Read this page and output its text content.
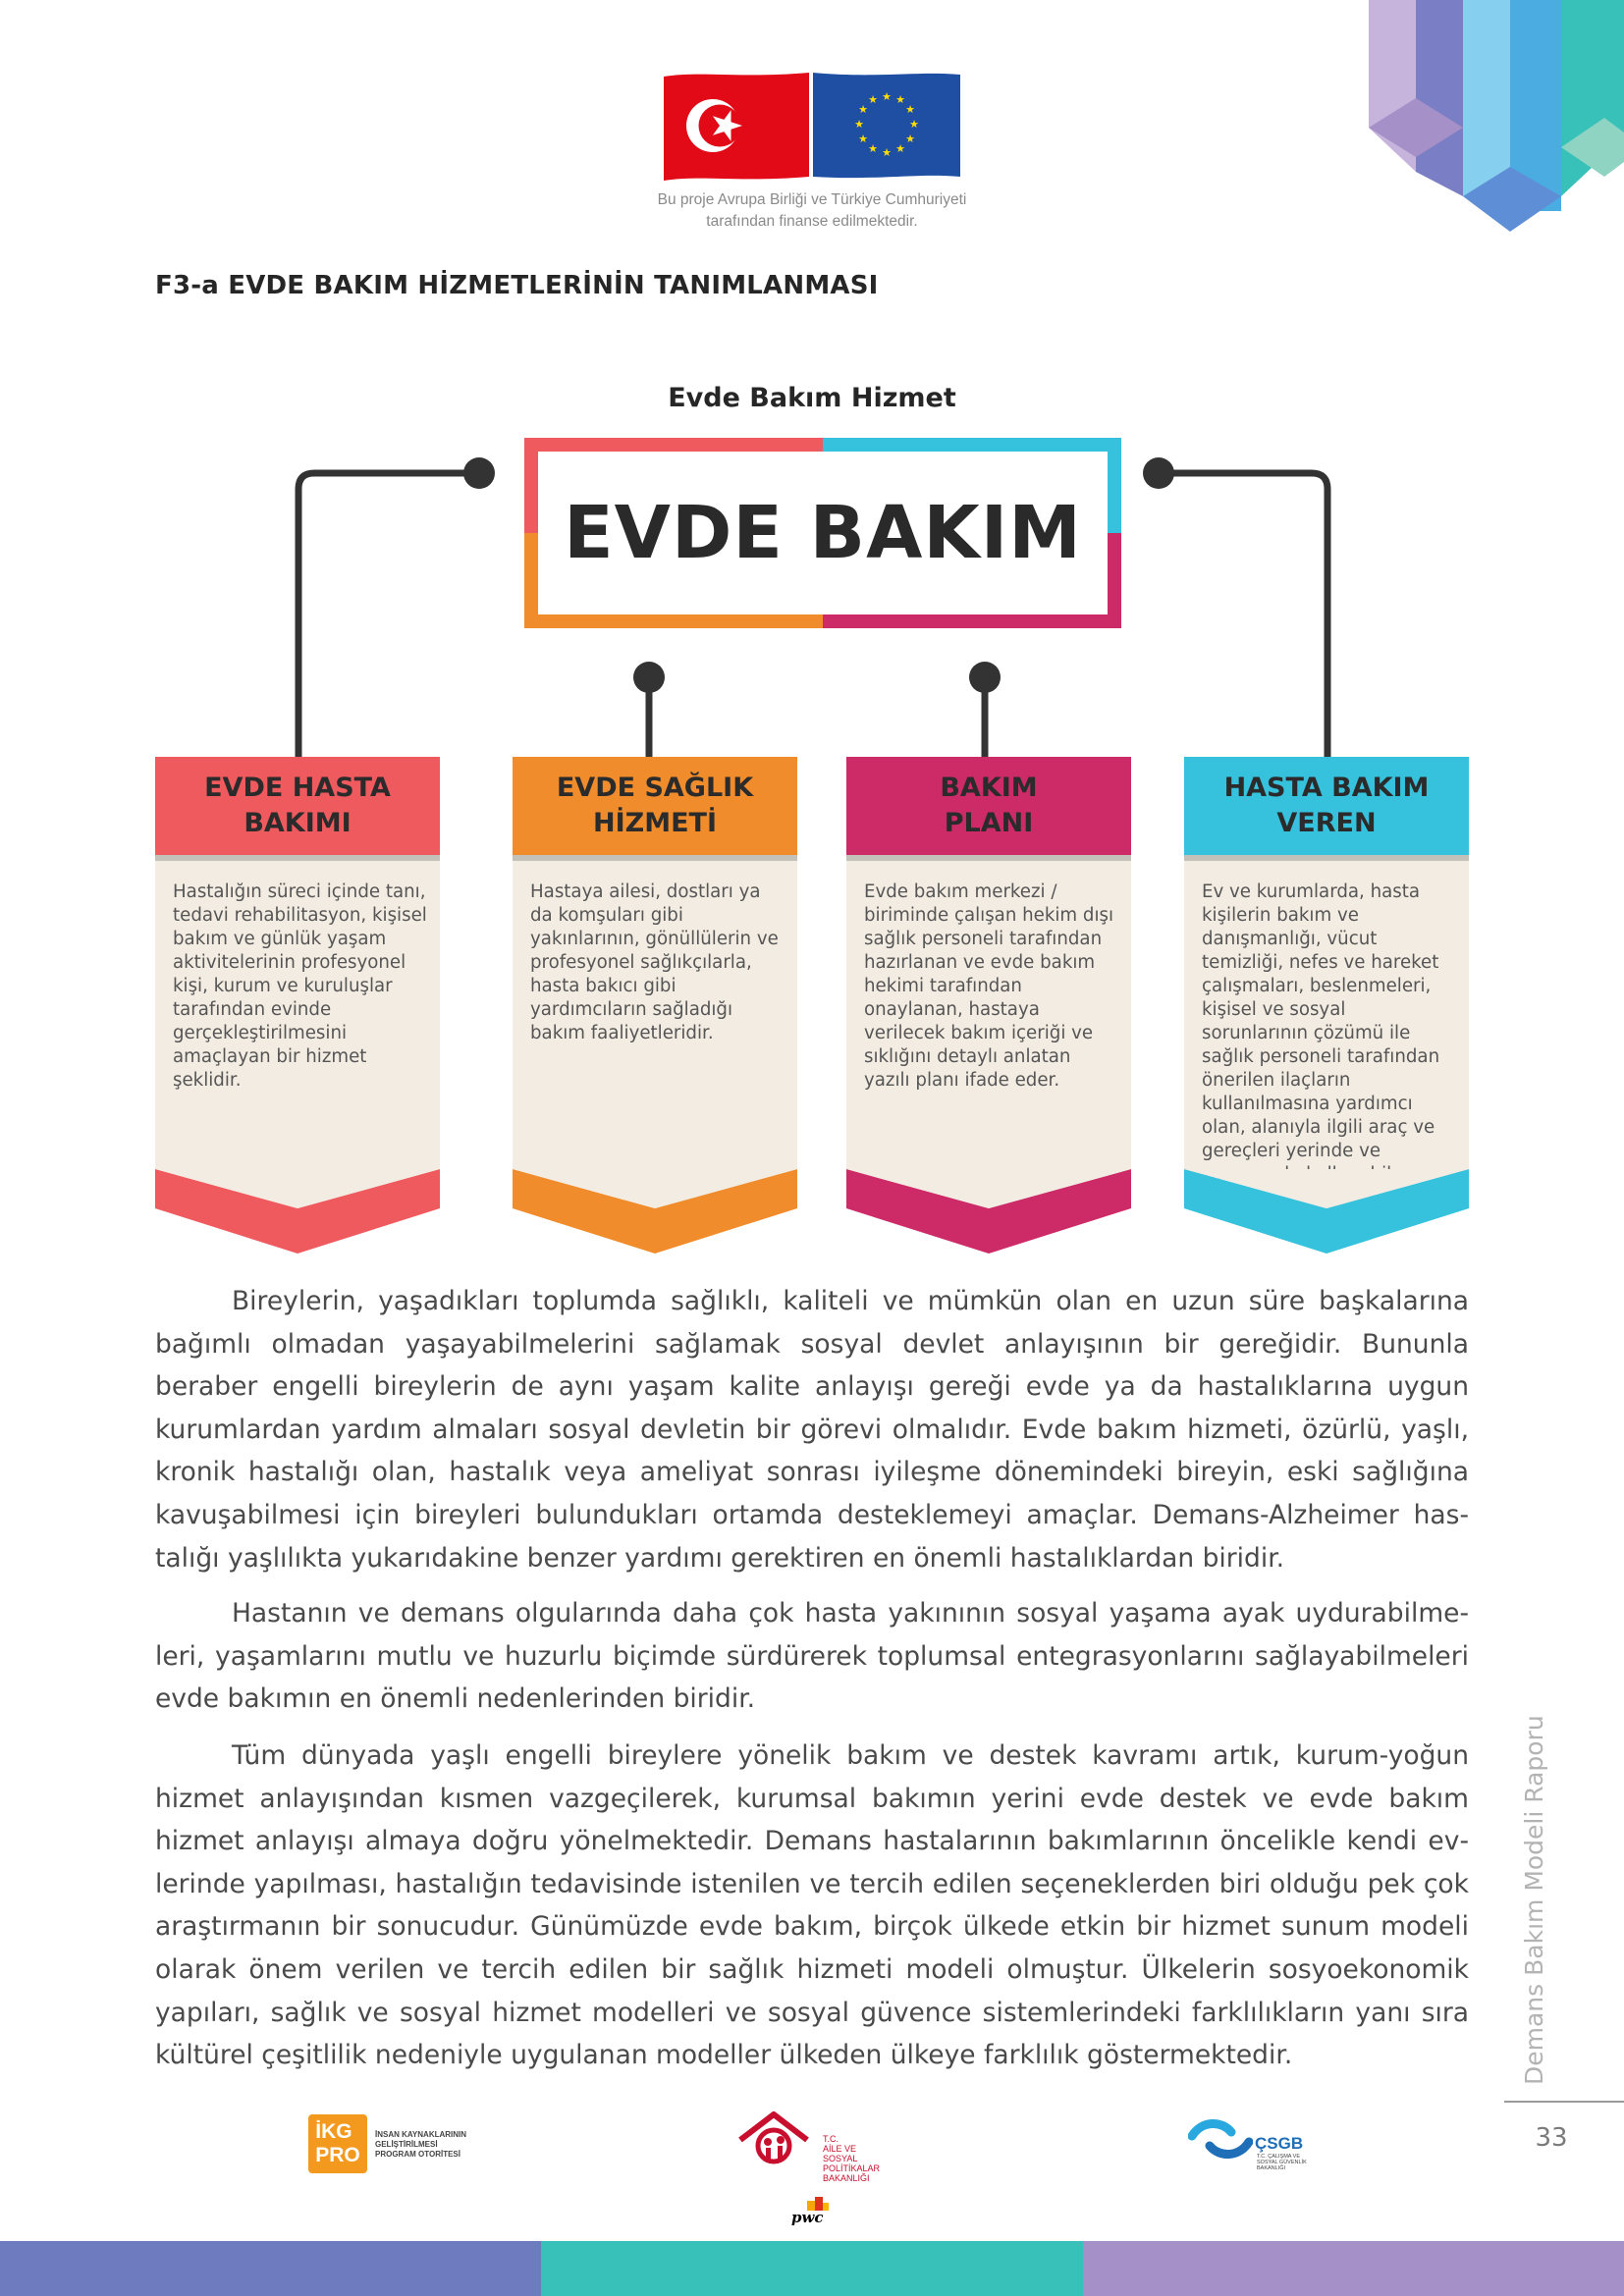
★ ★
★
★
★
★
★
★
★
★
★
★
Bu proje Avrupa Birliği ve Türkiye Cumhuriyeti
tarafından finanse edilmektedir.
F3-a EVDE BAKIM HİZMETLERİNİN TANIMLANMASI
Evde Bakım Hizmet
EVDE BAKIM
EVDE HASTA
BAKIMI
Hastalığın süreci içinde tanı, tedavi rehabilitasyon, kişisel bakım ve günlük yaşam aktivitelerinin profesyonel kişi, kurum ve kuruluşlar tarafından evinde gerçekleştirilmesini amaçlayan bir hizmet şeklidir.
EVDE SAĞLIK
HİZMETİ
Hastaya ailesi, dostları ya da komşuları gibi yakınlarının, gönüllülerin ve profesyonel sağlıkçılarla, hasta bakıcı gibi yardımcıların sağladığı bakım faaliyetleridir.
BAKIM
PLANI
Evde bakım merkezi / biriminde çalışan hekim dışı sağlık personeli tarafından hazırlanan ve evde bakım hekimi tarafından onaylanan, hastaya verilecek bakım içeriği ve sıklığını detaylı anlatan yazılı planı ifade eder.
HASTA BAKIM
VEREN
Ev ve kurumlarda, hasta kişilerin bakım ve danışmanlığı, vücut temizliği, nefes ve hareket çalışmaları, beslenmeleri, kişisel ve sosyal sorunlarının çözümü ile sağlık personeli tarafından önerilen ilaçların kullanılmasına yardımcı olan, alanıyla ilgili araç ve gereçleri yerinde ve

Bireylerin, yaşadıkları toplumda sağlıklı, kaliteli ve mümkün olan en uzun süre başkalarına bağımlı olmadan yaşayabilmelerini sağlamak sosyal devlet anlayışının bir gereğidir. Bununla beraber engelli bireylerin de aynı yaşam kalite anlayışı gereği evde ya da hastalıklarına uygun kurumlardan yardım almaları sosyal devletin bir görevi olmalıdır. Evde bakım hizmeti, özürlü, yaşlı, kronik hastalığı olan, hastalık veya ameliyat sonrası iyileşme dönemindeki bireyin, eski sağlığına kavuşabilmesi için bireyleri bulundukları ortamda desteklemeyi amaçlar. Demans-Alzheimer hastalığı yaşlılıkta yukarıdakine benzer yardımı gerektiren en önemli hastalıklardan biridir.

Hastanın ve demans olgularında daha çok hasta yakınının sosyal yaşama ayak uydurabilmeleri, yaşamlarını mutlu ve huzurlu biçimde sürdürerek toplumsal entegrasyonlarını sağlayabilmeleri evde bakımın en önemli nedenlerinden biridir.

Tüm dünyada yaşlı engelli bireylere yönelik bakım ve destek kavramı artık, kurum-yoğun hizmet anlayışından kısmen vazgeçilerek, kurumsal bakımın yerini evde destek ve evde bakım hizmet anlayışı almaya doğru yönelmektedir. Demans hastalarının bakımlarının öncelikle kendi evlerinde yapılması, hastalığın tedavisinde istenilen ve tercih edilen seçeneklerden biri olduğu pek çok araştırmanın bir sonucudur. Günümüzde evde bakım, birçok ülkede etkin bir hizmet sunum modeli olarak önem verilen ve tercih edilen bir sağlık hizmeti modeli olmuştur. Ülkelerin sosyoekonomik yapıları, sağlık ve sosyal hizmet modelleri ve sosyal güvence sistemlerindeki farklılıkların yanı sıra kültürel çeşitlilik nedeniyle uygulanan modeller ülkeden ülkeye farklılık göstermektedir.	Demans Bakım Modeli Raporu
33
İKG
PRO
İNSAN KAYNAKLARININ
GELİŞTİRİLMESİ
PROGRAM OTORİTESİ
T.C.
AİLE VE
SOSYAL POLİTİKALAR
BAKANLIĞI
pwc
ÇSGB
T.C. ÇALIŞMA VE
SOSYAL GÜVENLİK
BAKANLIĞI
